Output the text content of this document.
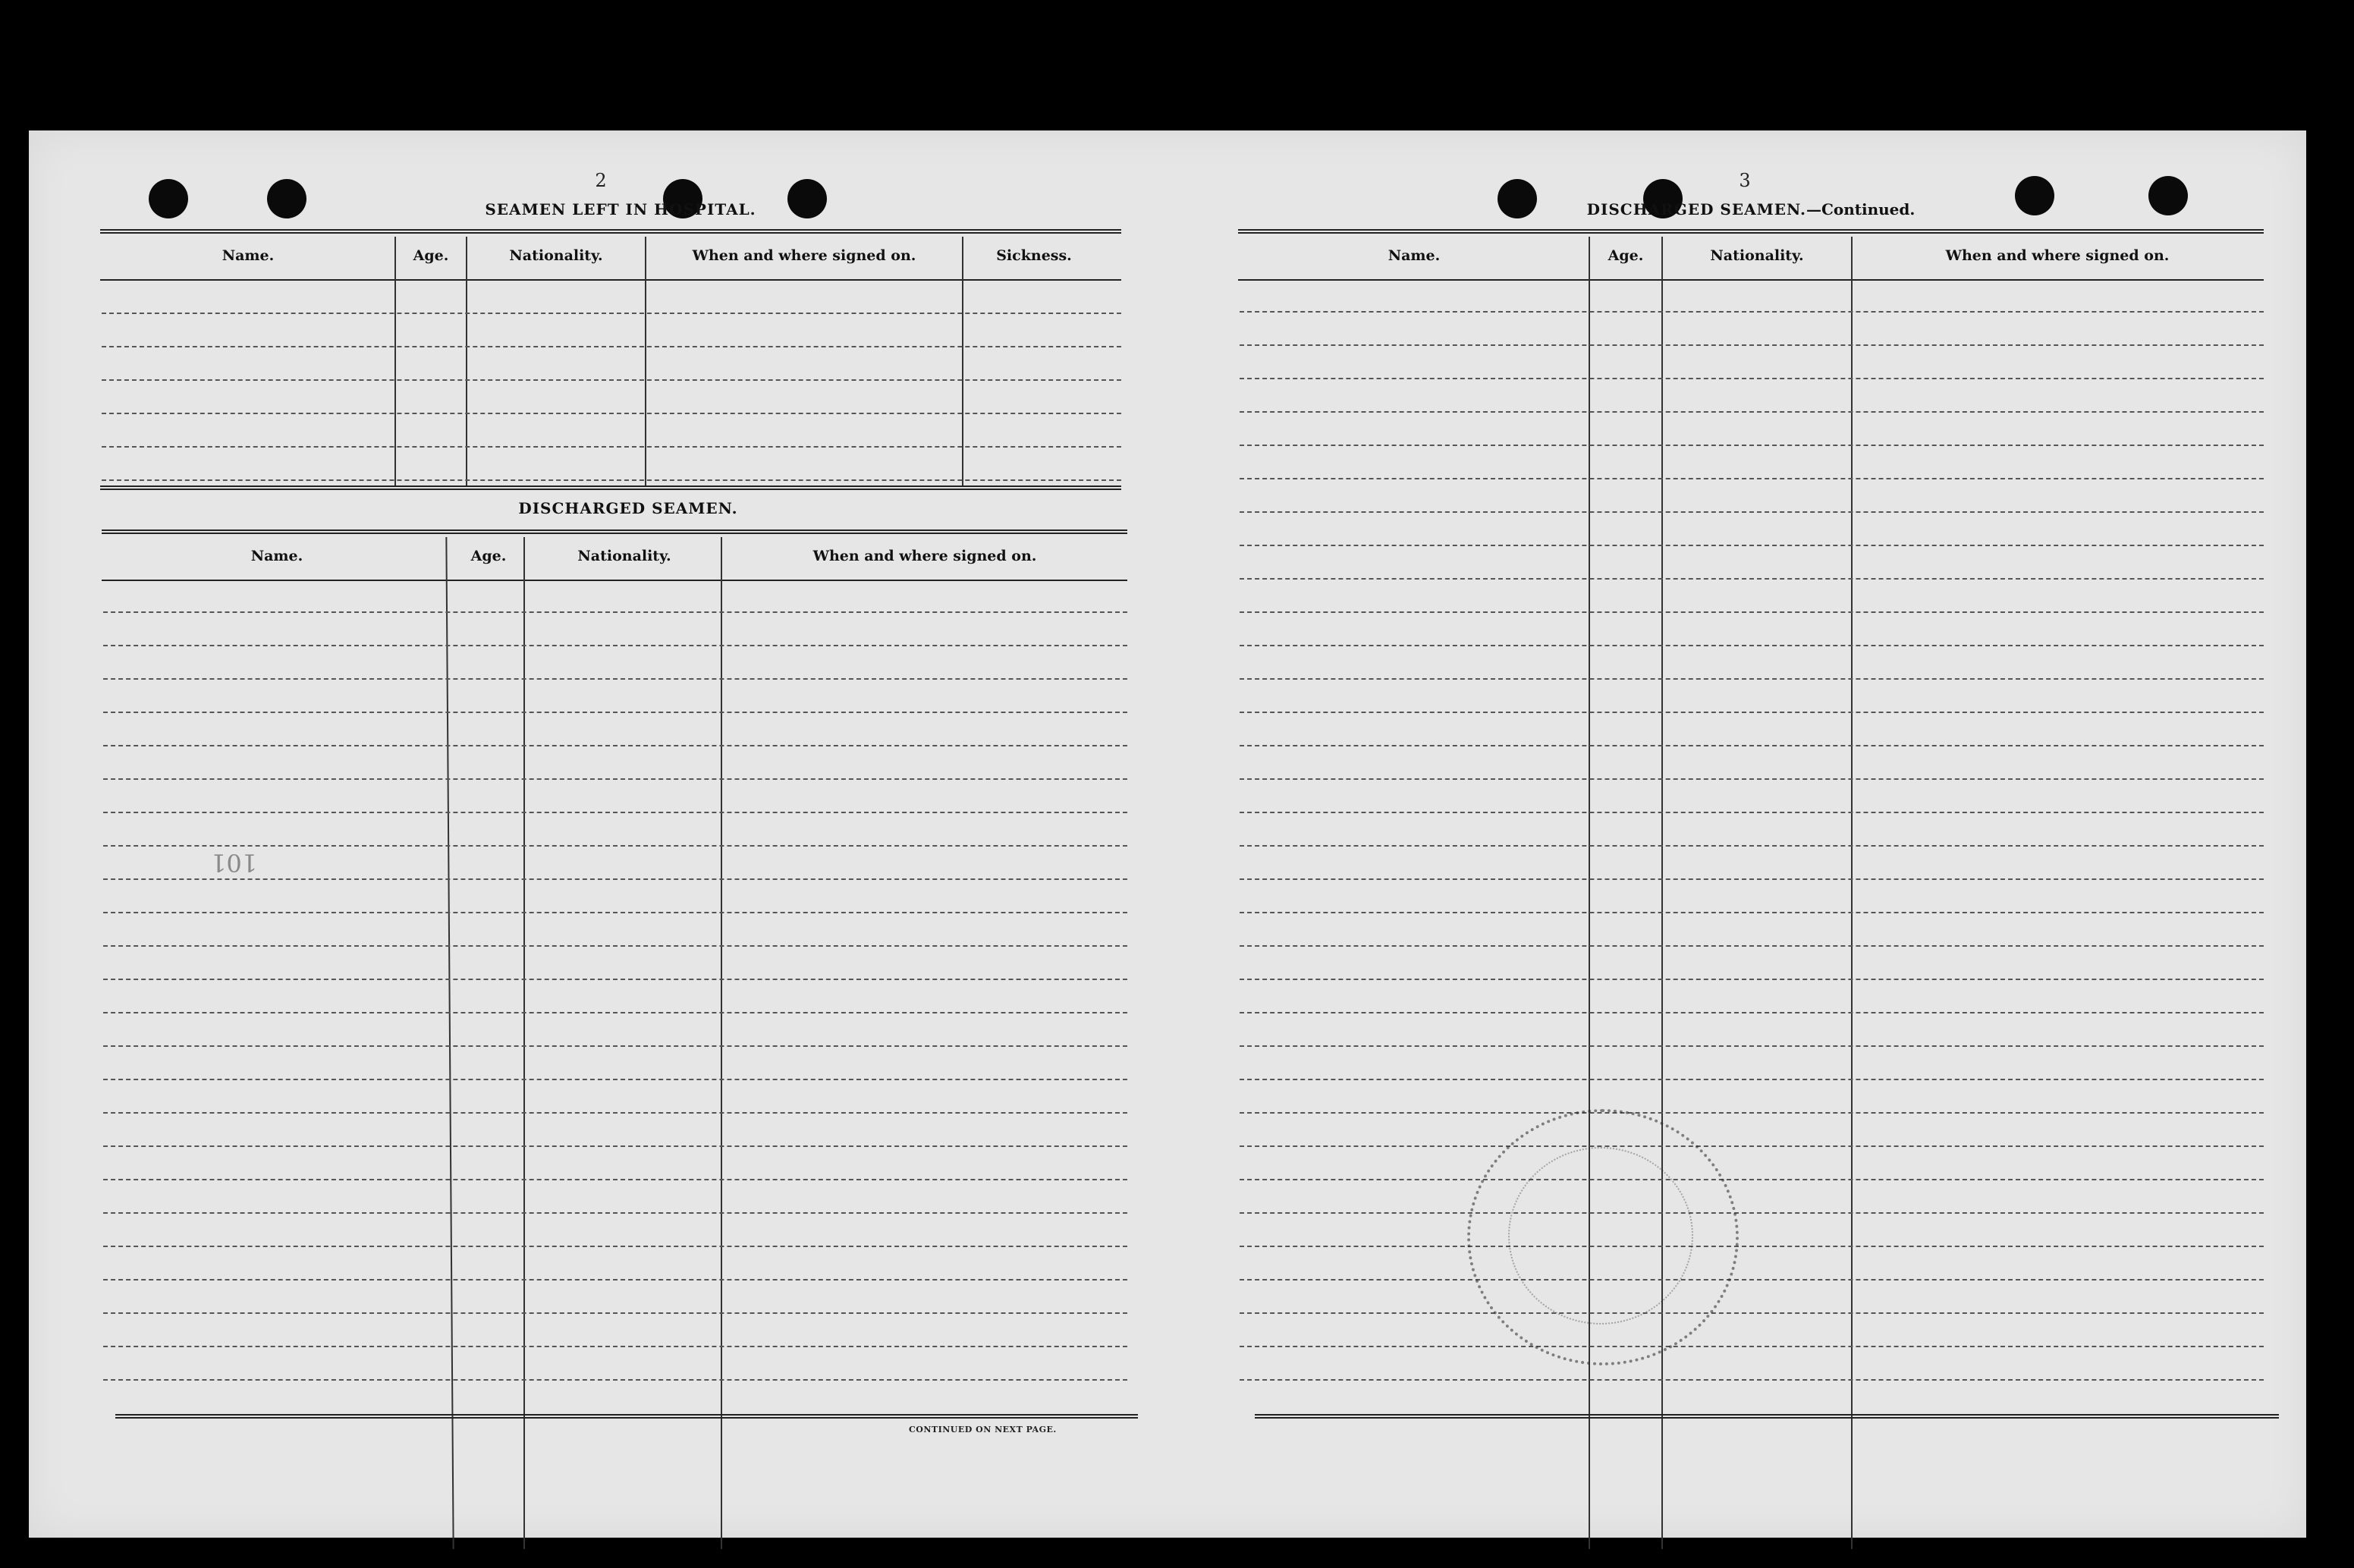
2
SEAMEN LEFT IN HOSPITAL.
Name.	Age.	Nationality.	When and where signed on.	Sickness.
DISCHARGED SEAMEN.
Name.	Age.	Nationality.	When and where signed on.
CONTINUED ON NEXT PAGE.
101
3
DISCHARGED SEAMEN.—Continued.
Name.	Age.	Nationality.	When and where signed on.
